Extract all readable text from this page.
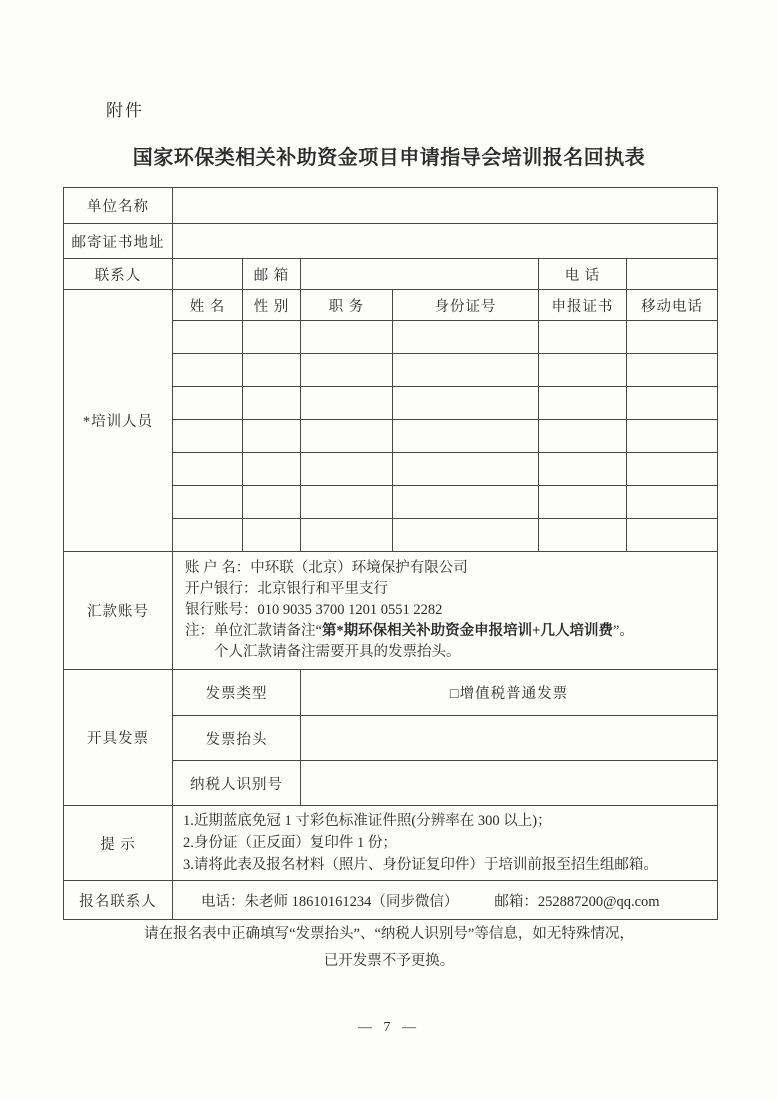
附件
国家环保类相关补助资金项目申请指导会培训报名回执表
单位名称						
邮寄证书地址						
联系人		邮 箱			电 话	
*培训人员	姓 名	性 别	职 务	身份证号	申报证书	移动电话

汇款账号	账 户 名：中环联（北京）环境保护有限公司
开户银行：北京银行和平里支行
银行账号：010 9035 3700 1201 0551 2282
注：单位汇款请备注“第*期环保相关补助资金申报培训+几人培训费”。
个人汇款请备注需要开具的发票抬头。					

开具发票	发票类型		□增值税普通发票			
	发票抬头					
	纳税人识别号					
提 示	1.近期蓝底免冠 1 寸彩色标准证件照(分辨率在 300 以上)；
2.身份证（正反面）复印件 1 份；
3.请将此表及报名材料（照片、身份证复印件）于培训前报至招生组邮箱。					

报名联系人	电话：朱老师 18610161234（同步微信） 邮箱：252887200@qq.com					
请在报名表中正确填写“发票抬头”、“纳税人识别号”等信息，如无特殊情况，
已开发票不予更换。
— 7 —
